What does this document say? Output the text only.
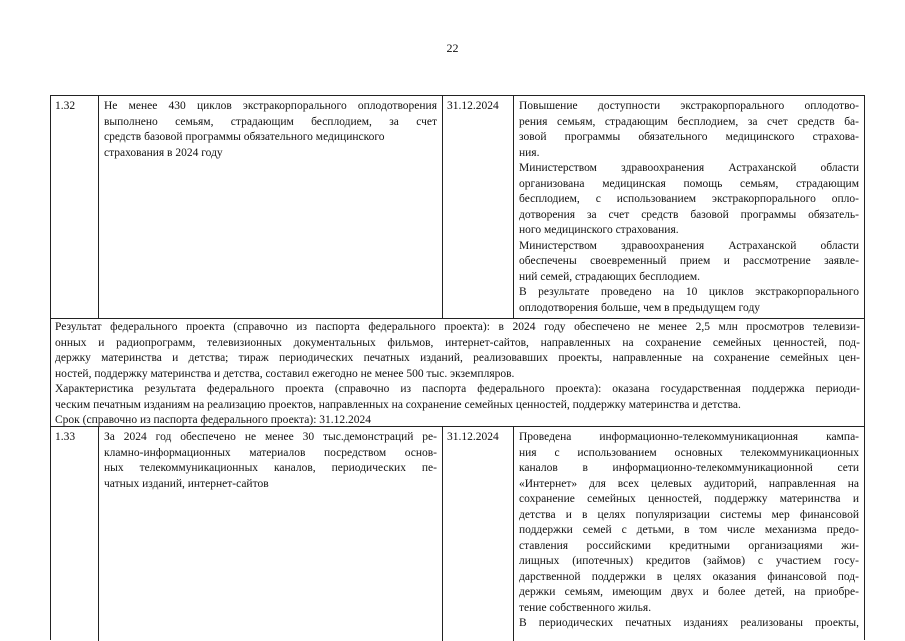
22
1.32	Не менее 430 циклов экстракорпорального оплодотворения
выполнено семьям, страдающим бесплодием, за счет
средств базовой программы обязательного медицинского
страхования в 2024 году
31.12.2024 Повышение доступности экстракорпорального оплодотво-
рения семьям, страдающим бесплодием, за счет средств ба-
зовой программы обязательного медицинского страхова-
ния.
Министерством здравоохранения Астраханской области
организована медицинская помощь семьям, страдающим
бесплодием, с использованием экстракорпорального опло-
дотворения за счет средств базовой программы обязатель-
ного медицинского страхования.
Министерством здравоохранения Астраханской области
обеспечены своевременный прием и рассмотрение заявле-
ний семей, страдающих бесплодием.
В результате проведено на 10 циклов экстракорпорального
оплодотворения больше, чем в предыдущем году
Результат федерального проекта (справочно из паспорта федерального проекта): в 2024 году обеспечено не менее 2,5 млн просмотров телевизи-
онных и радиопрограмм, телевизионных документальных фильмов, интернет-сайтов, направленных на сохранение семейных ценностей, под-
держку материнства и детства; тираж периодических печатных изданий, реализовавших проекты, направленные на сохранение семейных цен-
ностей, поддержку материнства и детства, составил ежегодно не менее 500 тыс. экземпляров.
Характеристика результата федерального проекта (справочно из паспорта федерального проекта): оказана государственная поддержка периоди-
ческим печатным изданиям на реализацию проектов, направленных на сохранение семейных ценностей, поддержку материнства и детства.
Срок (справочно из паспорта федерального проекта): 31.12.2024
1.33	За 2024 год обеспечено не менее 30 тыс.демонстраций ре-
кламно-информационных материалов посредством основ-
ных телекоммуникационных каналов, периодических пе-
чатных изданий, интернет-сайтов
31.12.2024 Проведена информационно-телекоммуникационная кампа-
ния с использованием основных телекоммуникационных
каналов в информационно-телекоммуникационной сети
«Интернет» для всех целевых аудиторий, направленная на
сохранение семейных ценностей, поддержку материнства и
детства и в целях популяризации системы мер финансовой
поддержки семей с детьми, в том числе механизма предо-
ставления российскими кредитными организациями жи-
лищных (ипотечных) кредитов (займов) с участием госу-
дарственной поддержки в целях оказания финансовой под-
держки семьям, имеющим двух и более детей, на приобре-
тение собственного жилья.
В периодических печатных изданиях реализованы проекты,
